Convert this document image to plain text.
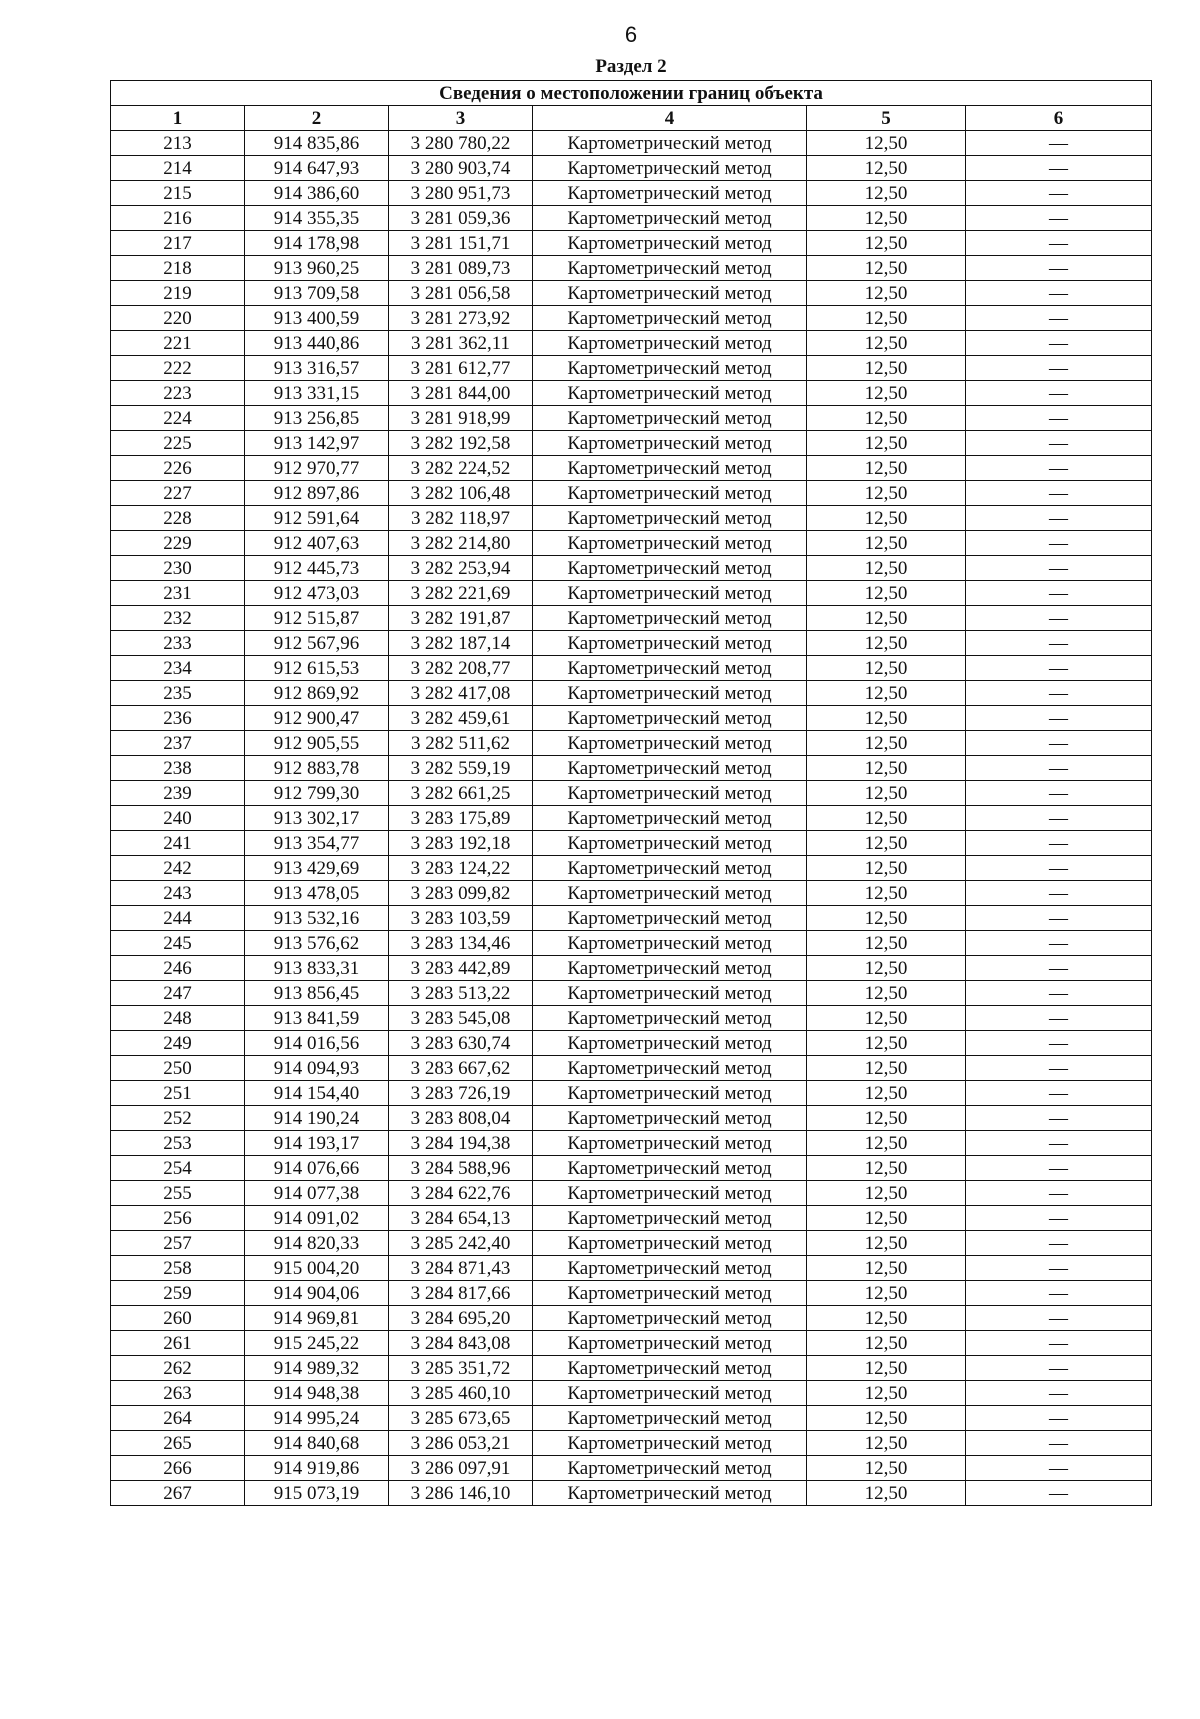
6
Раздел 2
Сведения о местоположении границ объекта					
1	2	3	4	5	6
213	914 835,86	3 280 780,22	Картометрический метод	12,50	—
214	914 647,93	3 280 903,74	Картометрический метод	12,50	—
215	914 386,60	3 280 951,73	Картометрический метод	12,50	—
216	914 355,35	3 281 059,36	Картометрический метод	12,50	—
217	914 178,98	3 281 151,71	Картометрический метод	12,50	—
218	913 960,25	3 281 089,73	Картометрический метод	12,50	—
219	913 709,58	3 281 056,58	Картометрический метод	12,50	—
220	913 400,59	3 281 273,92	Картометрический метод	12,50	—
221	913 440,86	3 281 362,11	Картометрический метод	12,50	—
222	913 316,57	3 281 612,77	Картометрический метод	12,50	—
223	913 331,15	3 281 844,00	Картометрический метод	12,50	—
224	913 256,85	3 281 918,99	Картометрический метод	12,50	—
225	913 142,97	3 282 192,58	Картометрический метод	12,50	—
226	912 970,77	3 282 224,52	Картометрический метод	12,50	—
227	912 897,86	3 282 106,48	Картометрический метод	12,50	—
228	912 591,64	3 282 118,97	Картометрический метод	12,50	—
229	912 407,63	3 282 214,80	Картометрический метод	12,50	—
230	912 445,73	3 282 253,94	Картометрический метод	12,50	—
231	912 473,03	3 282 221,69	Картометрический метод	12,50	—
232	912 515,87	3 282 191,87	Картометрический метод	12,50	—
233	912 567,96	3 282 187,14	Картометрический метод	12,50	—
234	912 615,53	3 282 208,77	Картометрический метод	12,50	—
235	912 869,92	3 282 417,08	Картометрический метод	12,50	—
236	912 900,47	3 282 459,61	Картометрический метод	12,50	—
237	912 905,55	3 282 511,62	Картометрический метод	12,50	—
238	912 883,78	3 282 559,19	Картометрический метод	12,50	—
239	912 799,30	3 282 661,25	Картометрический метод	12,50	—
240	913 302,17	3 283 175,89	Картометрический метод	12,50	—
241	913 354,77	3 283 192,18	Картометрический метод	12,50	—
242	913 429,69	3 283 124,22	Картометрический метод	12,50	—
243	913 478,05	3 283 099,82	Картометрический метод	12,50	—
244	913 532,16	3 283 103,59	Картометрический метод	12,50	—
245	913 576,62	3 283 134,46	Картометрический метод	12,50	—
246	913 833,31	3 283 442,89	Картометрический метод	12,50	—
247	913 856,45	3 283 513,22	Картометрический метод	12,50	—
248	913 841,59	3 283 545,08	Картометрический метод	12,50	—
249	914 016,56	3 283 630,74	Картометрический метод	12,50	—
250	914 094,93	3 283 667,62	Картометрический метод	12,50	—
251	914 154,40	3 283 726,19	Картометрический метод	12,50	—
252	914 190,24	3 283 808,04	Картометрический метод	12,50	—
253	914 193,17	3 284 194,38	Картометрический метод	12,50	—
254	914 076,66	3 284 588,96	Картометрический метод	12,50	—
255	914 077,38	3 284 622,76	Картометрический метод	12,50	—
256	914 091,02	3 284 654,13	Картометрический метод	12,50	—
257	914 820,33	3 285 242,40	Картометрический метод	12,50	—
258	915 004,20	3 284 871,43	Картометрический метод	12,50	—
259	914 904,06	3 284 817,66	Картометрический метод	12,50	—
260	914 969,81	3 284 695,20	Картометрический метод	12,50	—
261	915 245,22	3 284 843,08	Картометрический метод	12,50	—
262	914 989,32	3 285 351,72	Картометрический метод	12,50	—
263	914 948,38	3 285 460,10	Картометрический метод	12,50	—
264	914 995,24	3 285 673,65	Картометрический метод	12,50	—
265	914 840,68	3 286 053,21	Картометрический метод	12,50	—
266	914 919,86	3 286 097,91	Картометрический метод	12,50	—
267	915 073,19	3 286 146,10	Картометрический метод	12,50	—
